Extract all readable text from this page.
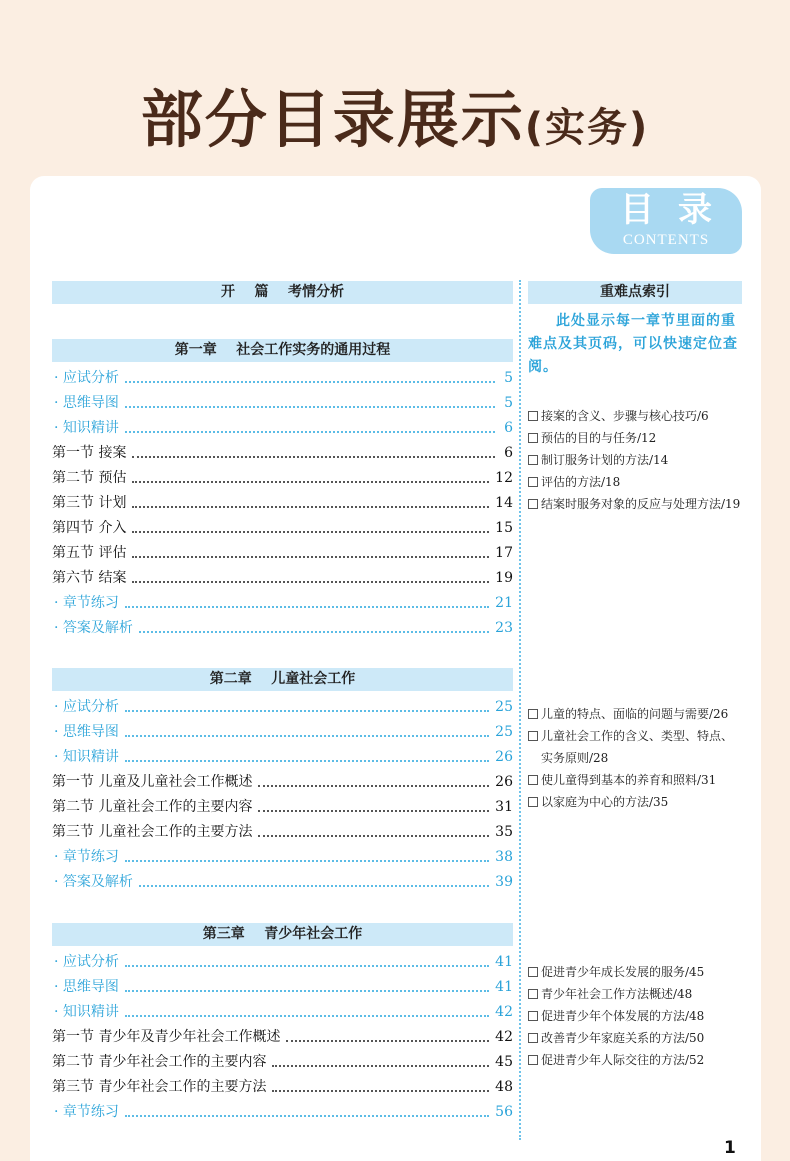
部分目录展示(实务)
目录
CONTENTS
开    篇    考情分析
第一章    社会工作实务的通用过程
· 应试分析	5
· 思维导图	5
· 知识精讲	6
第一节 接案	6
第二节 预估	12
第三节 计划	14
第四节 介入	15
第五节 评估	17
第六节 结案	19
· 章节练习	21
· 答案及解析	23
第二章    儿童社会工作
· 应试分析	25
· 思维导图	25
· 知识精讲	26
第一节 儿童及儿童社会工作概述	26
第二节 儿童社会工作的主要内容	31
第三节 儿童社会工作的主要方法	35
· 章节练习	38
· 答案及解析	39
第三章    青少年社会工作
· 应试分析	41
· 思维导图	41
· 知识精讲	42
第一节 青少年及青少年社会工作概述	42
第二节 青少年社会工作的主要内容	45
第三节 青少年社会工作的主要方法	48
· 章节练习	56
重难点索引
此处显示每一章节里面的重难点及其页码，可以快速定位查阅。
接案的含义、步骤与核心技巧/6
预估的目的与任务/12
制订服务计划的方法/14
评估的方法/18
结案时服务对象的反应与处理方法/19
儿童的特点、面临的问题与需要/26
儿童社会工作的含义、类型、特点、实务原则/28
使儿童得到基本的养育和照料/31
以家庭为中心的方法/35
促进青少年成长发展的服务/45
青少年社会工作方法概述/48
促进青少年个体发展的方法/48
改善青少年家庭关系的方法/50
促进青少年人际交往的方法/52
1
